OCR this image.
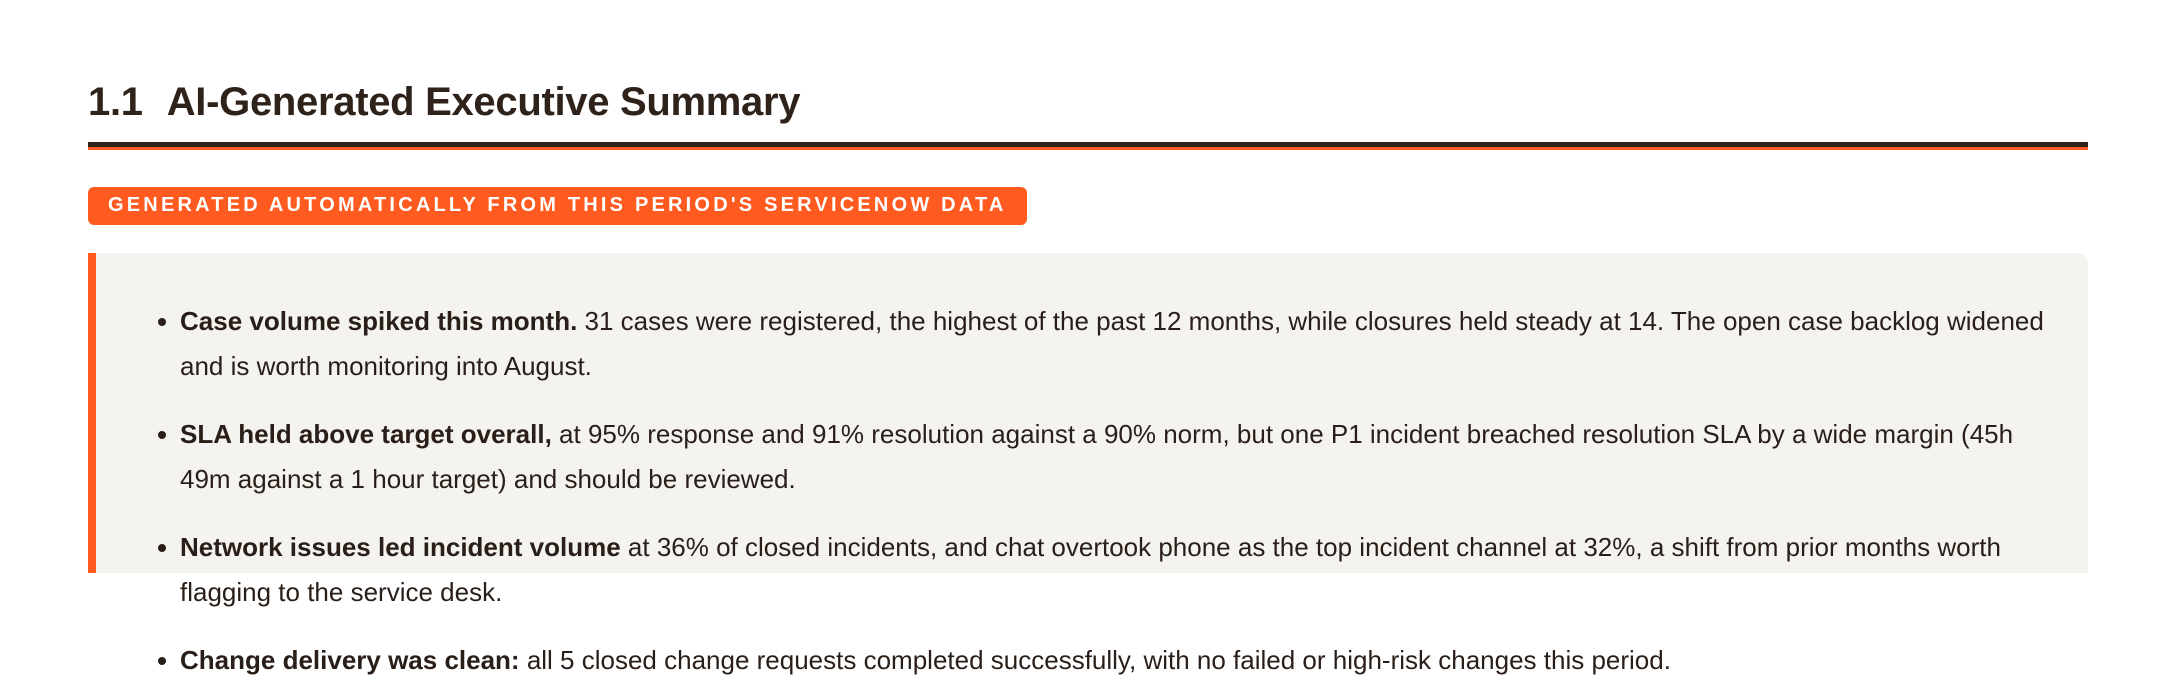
1.1 AI-Generated Executive Summary
GENERATED AUTOMATICALLY FROM THIS PERIOD'S SERVICENOW DATA
Case volume spiked this month. 31 cases were registered, the highest of the past 12 months, while closures held steady at 14. The open case backlog widened and is worth monitoring into August.
SLA held above target overall, at 95% response and 91% resolution against a 90% norm, but one P1 incident breached resolution SLA by a wide margin (45h 49m against a 1 hour target) and should be reviewed.
Network issues led incident volume at 36% of closed incidents, and chat overtook phone as the top incident channel at 32%, a shift from prior months worth flagging to the service desk.
Change delivery was clean: all 5 closed change requests completed successfully, with no failed or high-risk changes this period.
